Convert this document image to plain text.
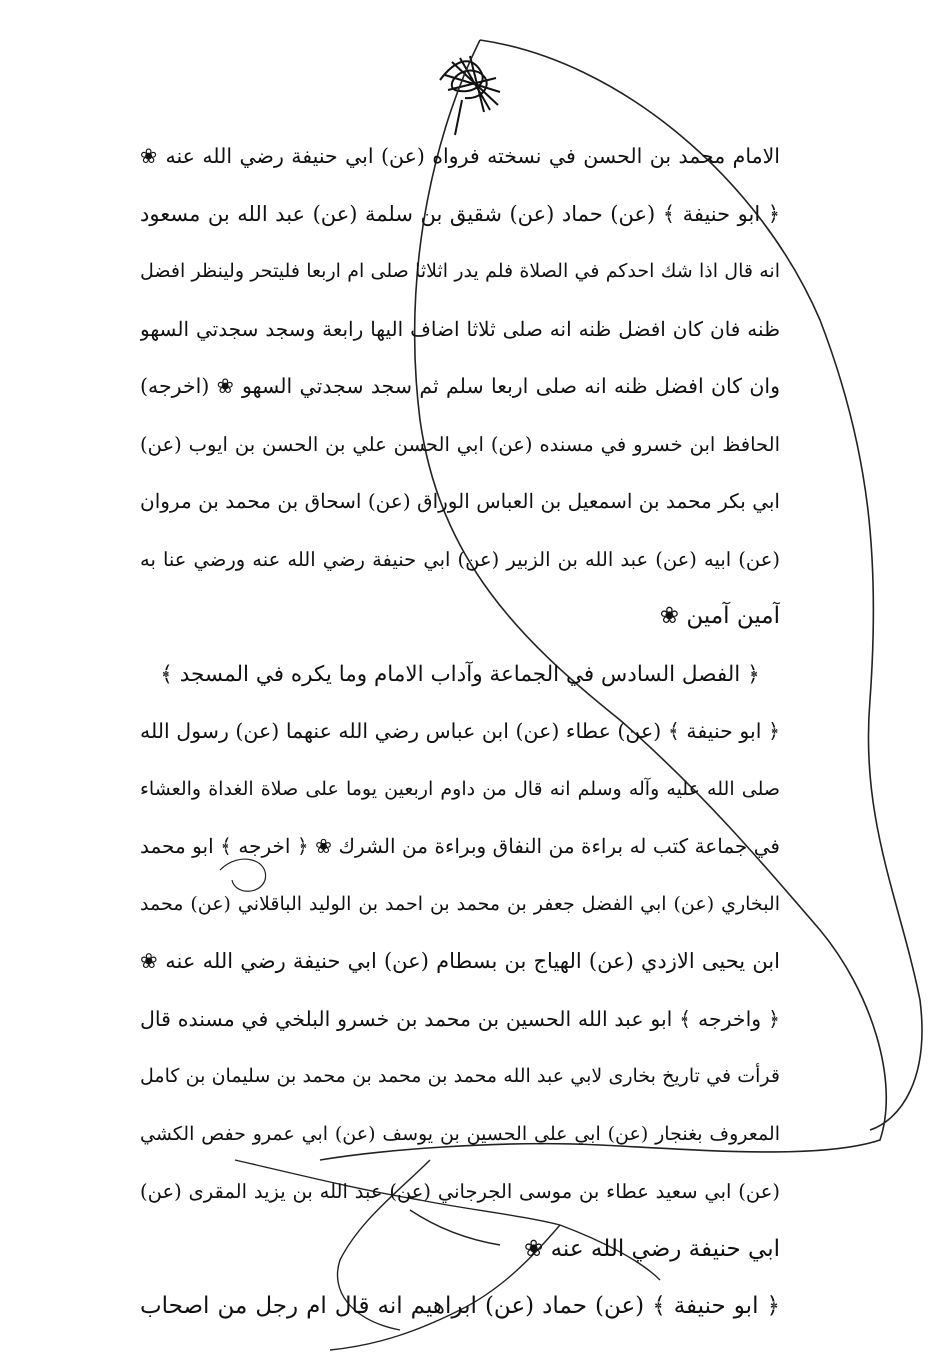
الامام محمد بن الحسن في نسخته فرواه (عن) ابي حنيفة رضي الله عنه ❀
﴿ ابو حنيفة ﴾ (عن) حماد (عن) شقيق بن سلمة (عن) عبد الله بن مسعود
انه قال اذا شك احدكم في الصلاة فلم يدر اثلاثا صلى ام اربعا فليتحر ولينظر افضل
ظنه فان كان افضل ظنه انه صلى ثلاثا اضاف اليها رابعة وسجد سجدتي السهو
وان كان افضل ظنه انه صلى اربعا سلم ثم سجد سجدتي السهو ❀ (اخرجه)
الحافظ ابن خسرو في مسنده (عن) ابي الحسن علي بن الحسن بن ايوب (عن)
ابي بكر محمد بن اسمعيل بن العباس الوراق (عن) اسحاق بن محمد بن مروان
(عن) ابيه (عن) عبد الله بن الزبير (عن) ابي حنيفة رضي الله عنه ورضي عنا به
آمين آمين ❀
﴿ الفصل السادس في الجماعة وآداب الامام وما يكره في المسجد ﴾
﴿ ابو حنيفة ﴾ (عن) عطاء (عن) ابن عباس رضي الله عنهما (عن) رسول الله
صلى الله عليه وآله وسلم انه قال من داوم اربعين يوما على صلاة الغداة والعشاء
في جماعة كتب له براءة من النفاق وبراءة من الشرك ❀ ﴿ اخرجه ﴾ ابو محمد
البخاري (عن) ابي الفضل جعفر بن محمد بن احمد بن الوليد الباقلاني (عن) محمد
ابن يحيى الازدي (عن) الهياج بن بسطام (عن) ابي حنيفة رضي الله عنه ❀
﴿ واخرجه ﴾ ابو عبد الله الحسين بن محمد بن خسرو البلخي في مسنده قال
قرأت في تاريخ بخارى لابي عبد الله محمد بن محمد بن محمد بن سليمان بن كامل
المعروف بغنجار (عن) ابي علي الحسين بن يوسف (عن) ابي عمرو حفص الكشي
(عن) ابي سعيد عطاء بن موسى الجرجاني (عن) عبد الله بن يزيد المقرى (عن)
ابي حنيفة رضي الله عنه ❀
﴿ ابو حنيفة ﴾ (عن) حماد (عن) ابراهيم انه قال ام رجل من اصحاب
